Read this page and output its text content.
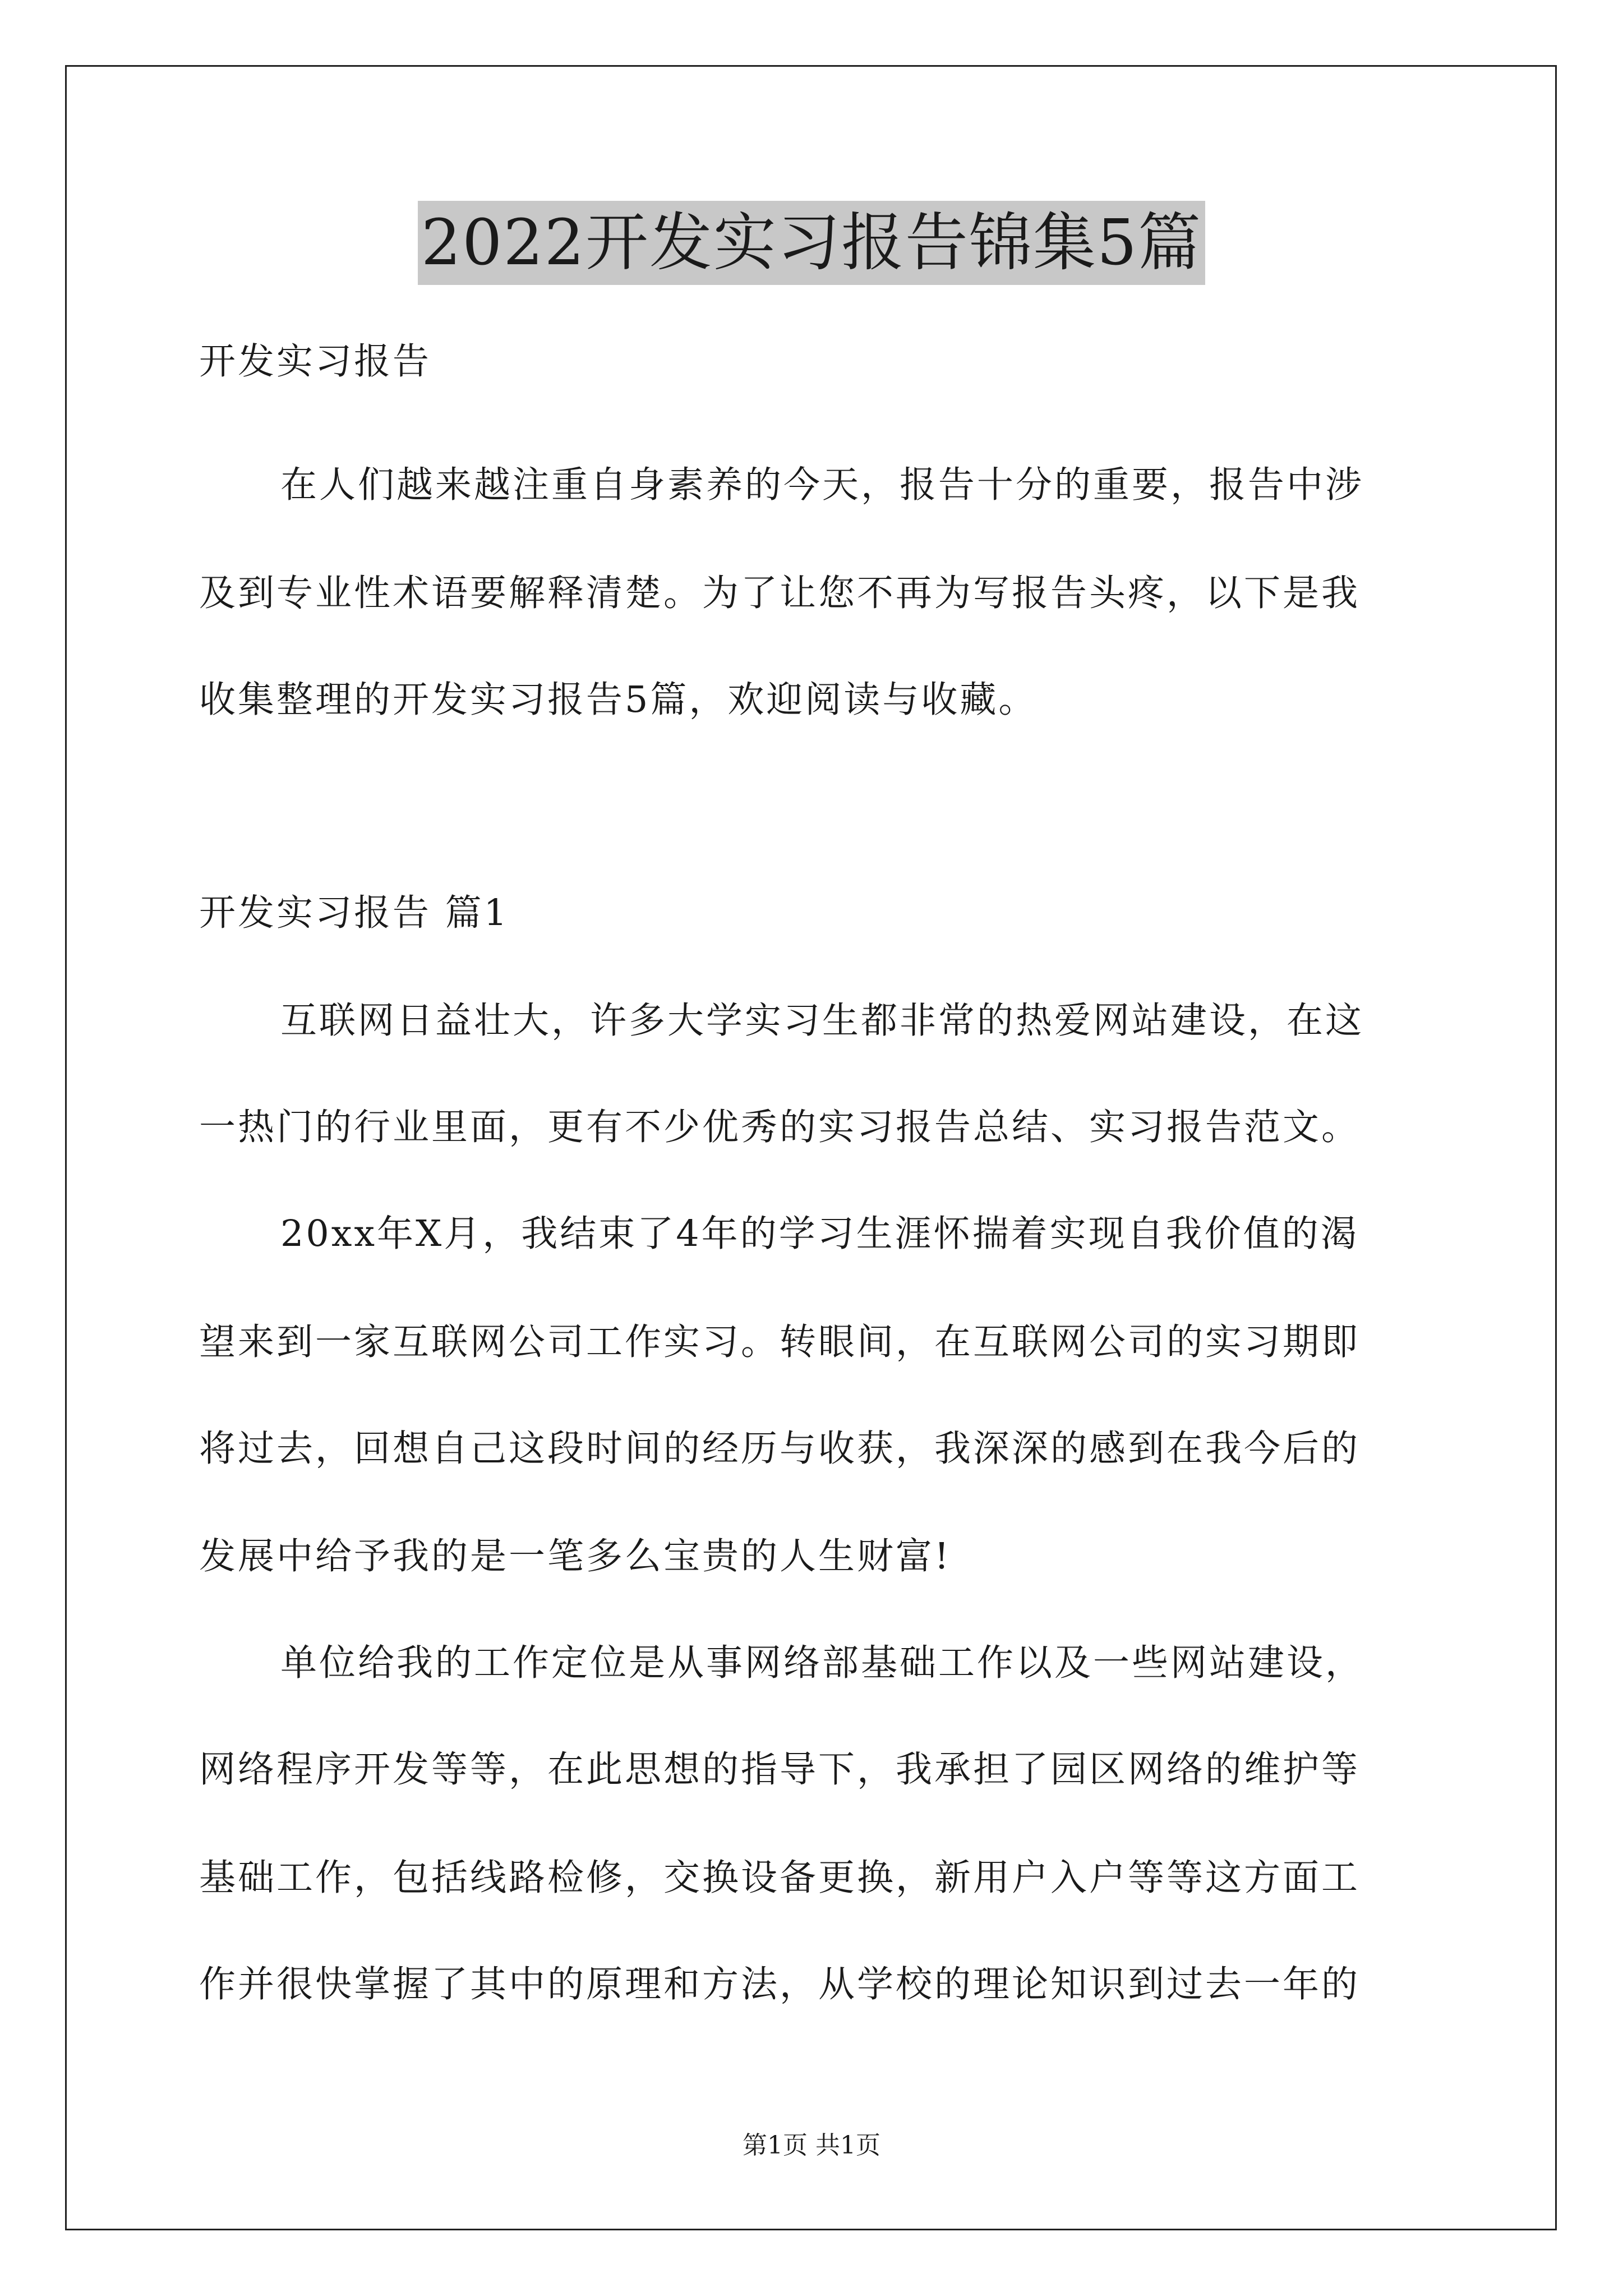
2022开发实习报告锦集5篇
开发实习报告
在人们越来越注重自身素养的今天，报告十分的重要，报告中涉
及到专业性术语要解释清楚。为了让您不再为写报告头疼，以下是我
收集整理的开发实习报告5篇，欢迎阅读与收藏。
开发实习报告 篇1
互联网日益壮大，许多大学实习生都非常的热爱网站建设，在这
一热门的行业里面，更有不少优秀的实习报告总结、实习报告范文。
20xx年X月，我结束了4年的学习生涯怀揣着实现自我价值的渴
望来到一家互联网公司工作实习。转眼间，在互联网公司的实习期即
将过去，回想自己这段时间的经历与收获，我深深的感到在我今后的
发展中给予我的是一笔多么宝贵的人生财富!
单位给我的工作定位是从事网络部基础工作以及一些网站建设，
网络程序开发等等，在此思想的指导下，我承担了园区网络的维护等
基础工作，包括线路检修，交换设备更换，新用户入户等等这方面工
作并很快掌握了其中的原理和方法，从学校的理论知识到过去一年的
第1页 共1页
